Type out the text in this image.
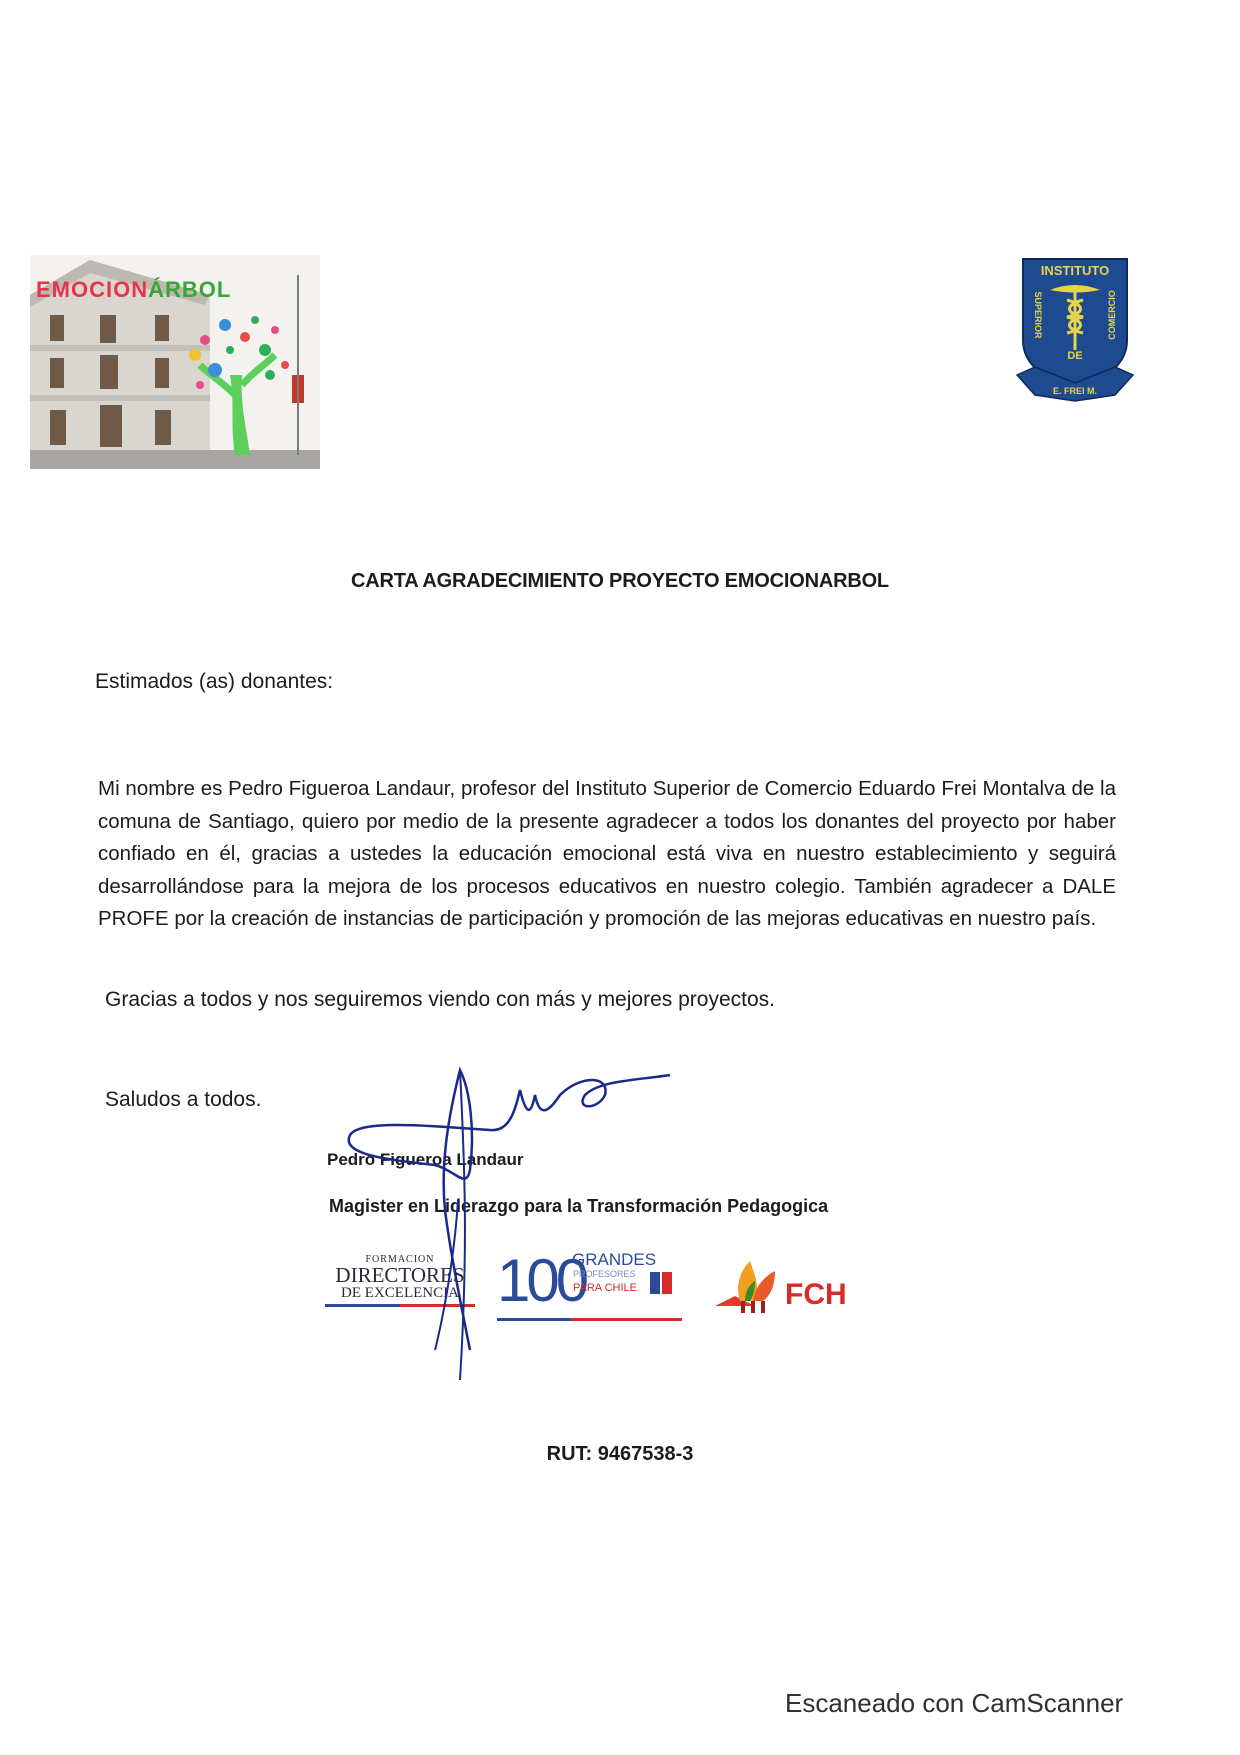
EMOCIONÁRBOL
INSTITUTO
SUPERIOR	COMERCIO
DE
E. FREI M.
CARTA AGRADECIMIENTO PROYECTO EMOCIONARBOL
Estimados (as) donantes:
Mi nombre es Pedro Figueroa Landaur, profesor del Instituto Superior de Comercio Eduardo Frei Montalva de la comuna de Santiago, quiero por medio de la presente agradecer a todos los donantes del proyecto por haber confiado en él, gracias a ustedes la educación emocional está viva en nuestro establecimiento y seguirá desarrollándose para la mejora de los procesos educativos en nuestro colegio. También agradecer a DALE PROFE por la creación de instancias de participación y promoción de las mejoras educativas en nuestro país.
Gracias a todos y nos seguiremos viendo con más y mejores proyectos.
Saludos a todos.
Pedro Figueroa Landaur
Magister en Liderazgo para la Transformación Pedagogica
FORMACION
DIRECTORES
DE EXCELENCIA 100
GRANDES
PROFESORES
PARA CHILE	FCH
RUT: 9467538-3
Escaneado con CamScanner
